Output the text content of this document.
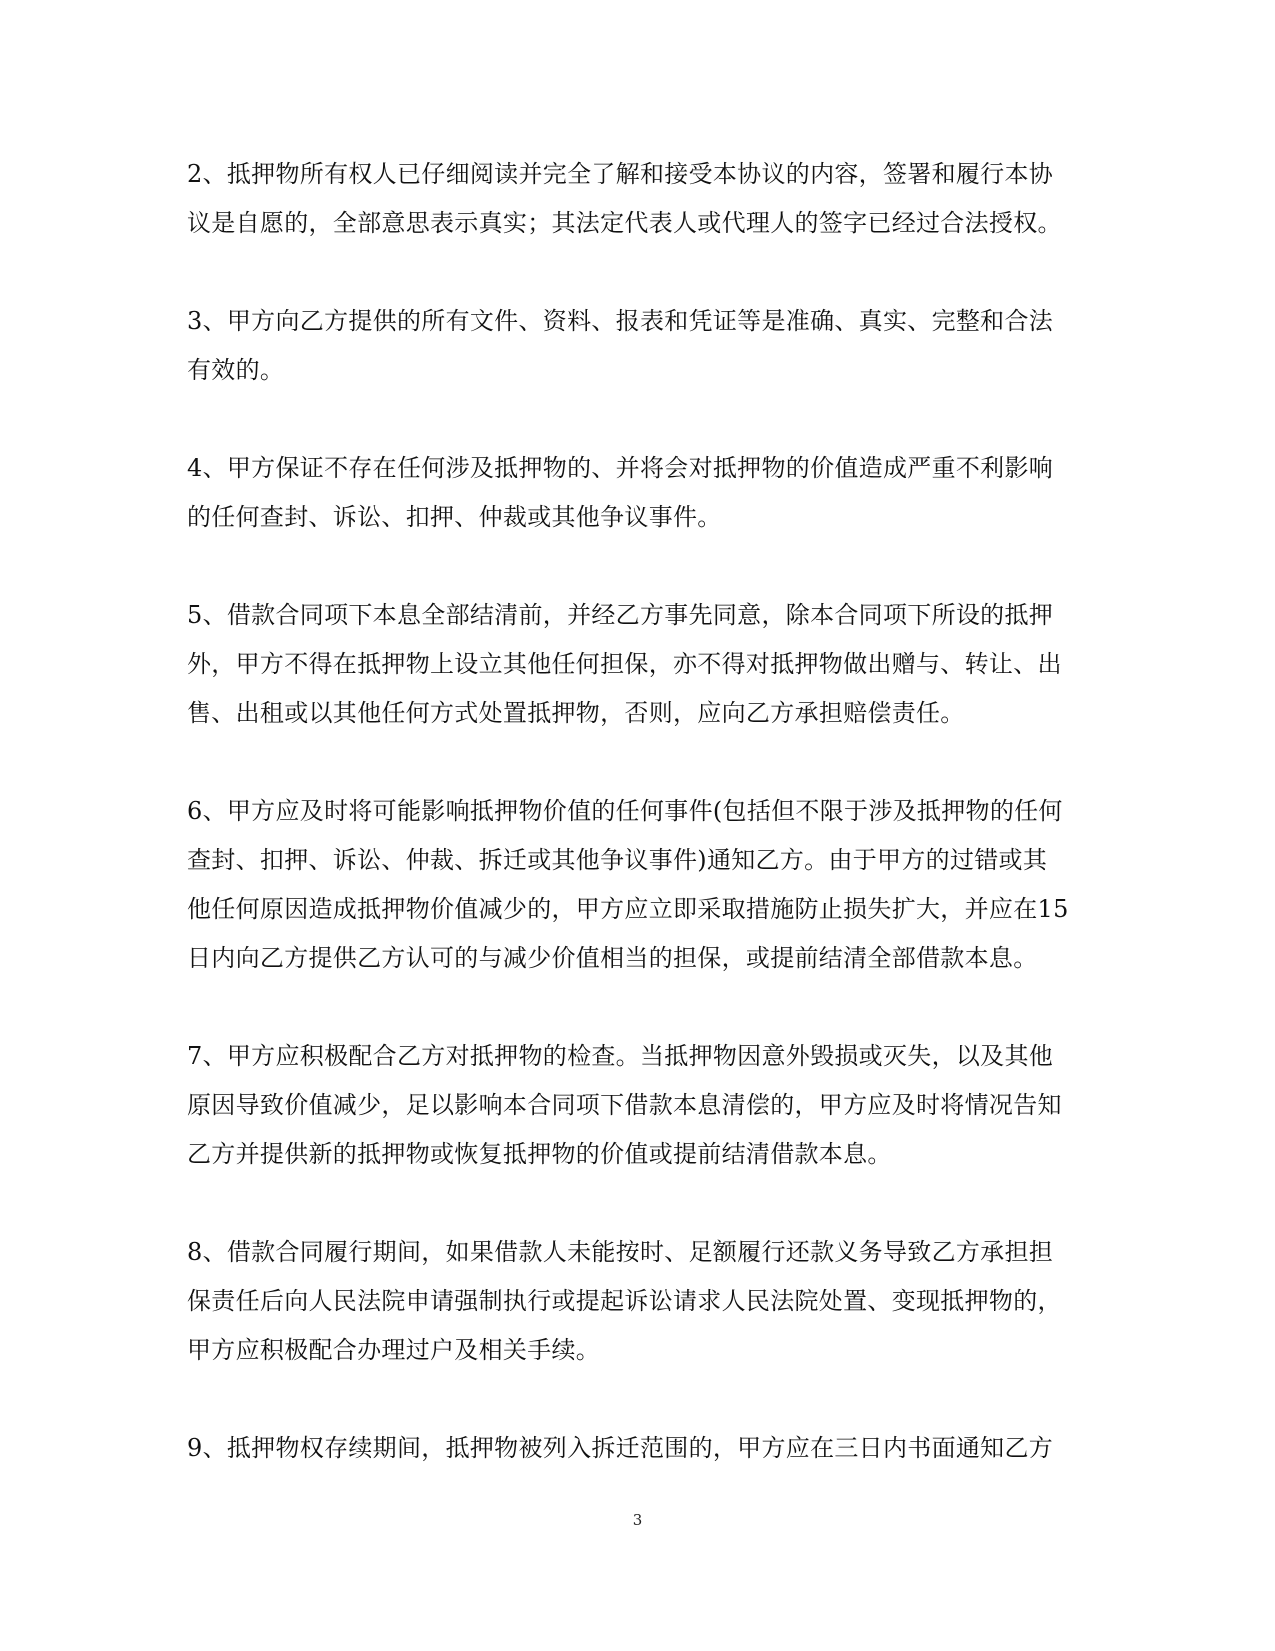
2、抵押物所有权人已仔细阅读并完全了解和接受本协议的内容，签署和履行本协
议是自愿的，全部意思表示真实；其法定代表人或代理人的签字已经过合法授权。

3、甲方向乙方提供的所有文件、资料、报表和凭证等是准确、真实、完整和合法
有效的。

4、甲方保证不存在任何涉及抵押物的、并将会对抵押物的价值造成严重不利影响
的任何查封、诉讼、扣押、仲裁或其他争议事件。

5、借款合同项下本息全部结清前，并经乙方事先同意，除本合同项下所设的抵押
外，甲方不得在抵押物上设立其他任何担保，亦不得对抵押物做出赠与、转让、出
售、出租或以其他任何方式处置抵押物，否则，应向乙方承担赔偿责任。

6、甲方应及时将可能影响抵押物价值的任何事件(包括但不限于涉及抵押物的任何
查封、扣押、诉讼、仲裁、拆迁或其他争议事件)通知乙方。由于甲方的过错或其
他任何原因造成抵押物价值减少的，甲方应立即采取措施防止损失扩大，并应在15
日内向乙方提供乙方认可的与减少价值相当的担保，或提前结清全部借款本息。

7、甲方应积极配合乙方对抵押物的检查。当抵押物因意外毁损或灭失，以及其他
原因导致价值减少，足以影响本合同项下借款本息清偿的，甲方应及时将情况告知
乙方并提供新的抵押物或恢复抵押物的价值或提前结清借款本息。

8、借款合同履行期间，如果借款人未能按时、足额履行还款义务导致乙方承担担
保责任后向人民法院申请强制执行或提起诉讼请求人民法院处置、变现抵押物的，
甲方应积极配合办理过户及相关手续。

9、抵押物权存续期间，抵押物被列入拆迁范围的，甲方应在三日内书面通知乙方

3
